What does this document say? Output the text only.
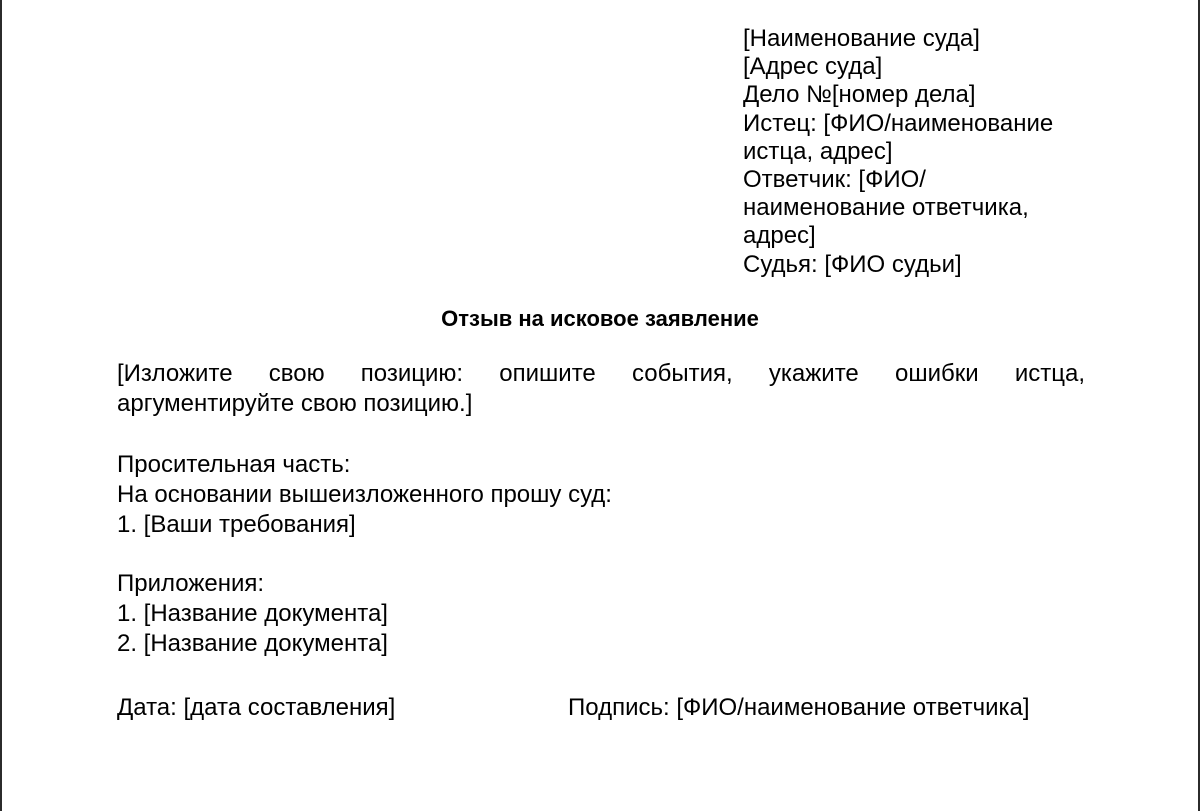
[Наименование суда]
[Адрес суда]
Дело №[номер дела]
Истец: [ФИО/наименование
истца, адрес]
Ответчик: [ФИО/
наименование ответчика,
адрес]
Судья: [ФИО судьи]
Отзыв на исковое заявление
[Изложите свою позицию: опишите события, укажите ошибки истца,
аргументируйте свою позицию.]
Просительная часть:
На основании вышеизложенного прошу суд:
1. [Ваши требования]
Приложения:
1. [Название документа]
2. [Название документа]
Дата: [дата составления]	Подпись: [ФИО/наименование ответчика]
